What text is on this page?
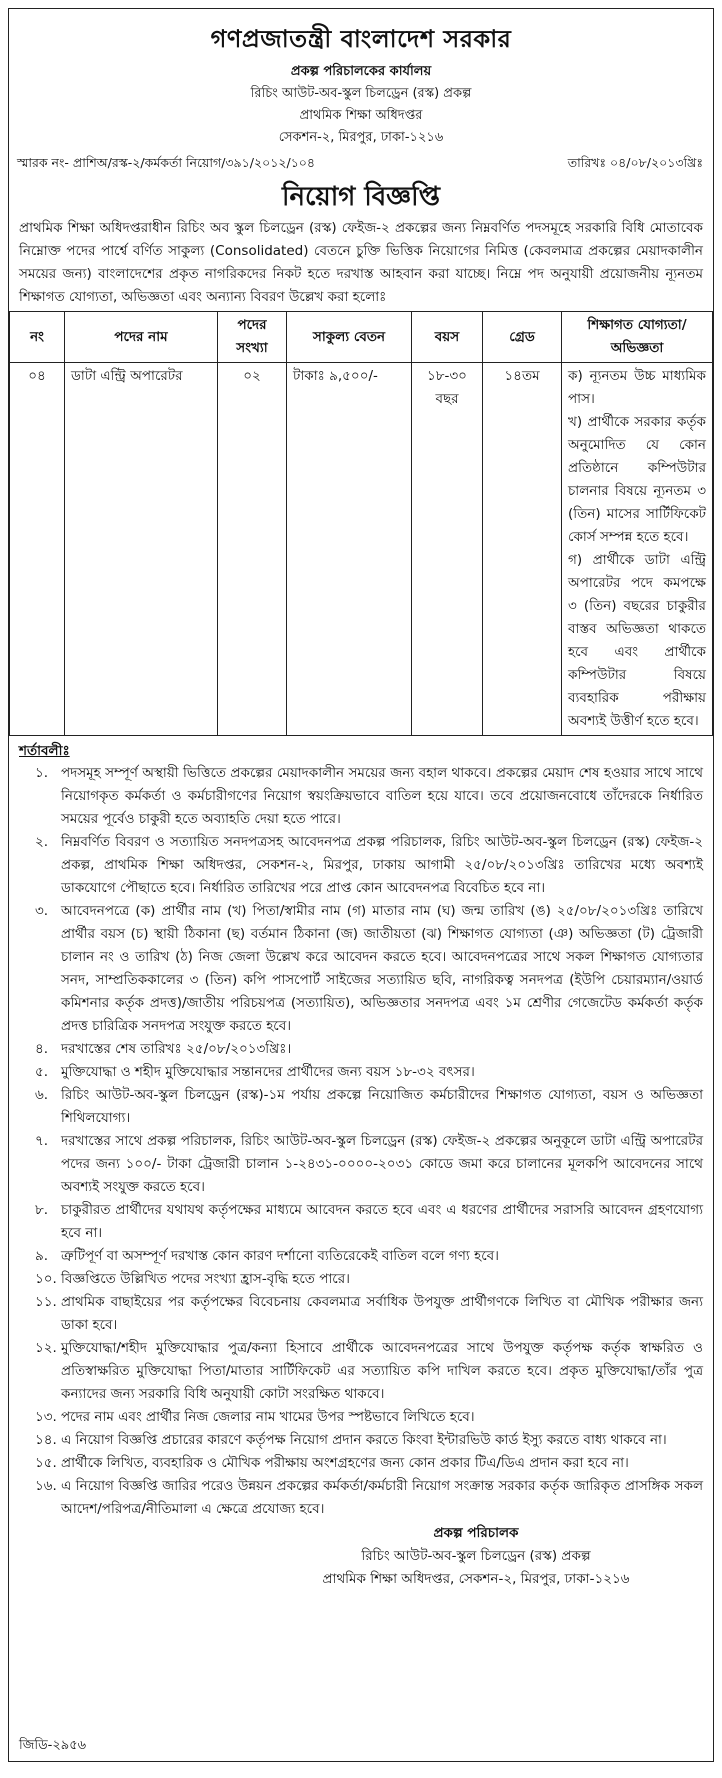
গণপ্রজাতন্ত্রী বাংলাদেশ সরকার
প্রকল্প পরিচালকের কার্যালয়
রিচিং আউট-অব-স্কুল চিলড্রেন (রস্ক) প্রকল্প
প্রাথমিক শিক্ষা অধিদপ্তর
সেকশন-২, মিরপুর, ঢাকা-১২১৬
স্মারক নং- প্রাশিঅ/রস্ক-২/কর্মকর্তা নিয়োগ/৩৯১/২০১২/১০৪	তারিখঃ ০৪/০৮/২০১৩খ্রিঃ
নিয়োগ বিজ্ঞপ্তি
প্রাথমিক শিক্ষা অধিদপ্তরাধীন রিচিং অব স্কুল চিলড্রেন (রস্ক) ফেইজ-২ প্রকল্পের জন্য নিম্নবর্ণিত পদসমূহে সরকারি বিধি মোতাবেক নিম্নোক্ত পদের পার্শ্বে বর্ণিত সাকুল্য (Consolidated) বেতনে চুক্তি ভিত্তিক নিয়োগের নিমিত্ত (কেবলমাত্র প্রকল্পের মেয়াদকালীন সময়ের জন্য) বাংলাদেশের প্রকৃত নাগরিকদের নিকট হতে দরখাস্ত আহবান করা যাচ্ছে। নিম্নে পদ অনুযায়ী প্রয়োজনীয় ন্যূনতম শিক্ষাগত যোগ্যতা, অভিজ্ঞতা এবং অন্যান্য বিবরণ উল্লেখ করা হলোঃ
নং	পদের নাম	পদের সংখ্যা	সাকুল্য বেতন	বয়স	গ্রেড	শিক্ষাগত যোগ্যতা/অভিজ্ঞতা
০৪	ডাটা এন্ট্রি অপারেটর	০২	টাকাঃ ৯,৫০০/-	১৮-৩০ বছর	১৪তম	ক) ন্যূনতম উচ্চ মাধ্যমিক পাস।

খ) প্রার্থীকে সরকার কর্তৃক অনুমোদিত যে কোন প্রতিষ্ঠানে কম্পিউটার চালনার বিষয়ে ন্যূনতম ৩ (তিন) মাসের সার্টিফিকেট কোর্স সম্পন্ন হতে হবে।

গ) প্রার্থীকে ডাটা এন্ট্রি অপারেটর পদে কমপক্ষে ৩ (তিন) বছরের চাকুরীর বাস্তব অভিজ্ঞতা থাকতে হবে এবং প্রার্থীকে কম্পিউটার বিষয়ে ব্যবহারিক পরীক্ষায় অবশ্যই উত্তীর্ণ হতে হবে।

শর্তাবলীঃ
১. পদসমূহ সম্পূর্ণ অস্থায়ী ভিত্তিতে প্রকল্পের মেয়াদকালীন সময়ের জন্য বহাল থাকবে। প্রকল্পের মেয়াদ শেষ হওয়ার সাথে সাথে নিয়োগকৃত কর্মকর্তা ও কর্মচারীগণের নিয়োগ স্বয়ংক্রিয়ভাবে বাতিল হয়ে যাবে। তবে প্রয়োজনবোধে তাঁদেরকে নির্ধারিত সময়ের পূর্বেও চাকুরী হতে অব্যাহতি দেয়া হতে পারে।
২. নিম্নবর্ণিত বিবরণ ও সত্যায়িত সনদপত্রসহ আবেদনপত্র প্রকল্প পরিচালক, রিচিং আউট-অব-স্কুল চিলড্রেন (রস্ক) ফেইজ-২ প্রকল্প, প্রাথমিক শিক্ষা অধিদপ্তর, সেকশন-২, মিরপুর, ঢাকায় আগামী ২৫/০৮/২০১৩খ্রিঃ তারিখের মধ্যে অবশ্যই ডাকযোগে পৌছাতে হবে। নির্ধারিত তারিখের পরে প্রাপ্ত কোন আবেদনপত্র বিবেচিত হবে না।
৩. আবেদনপত্রে (ক) প্রার্থীর নাম (খ) পিতা/স্বামীর নাম (গ) মাতার নাম (ঘ) জন্ম তারিখ (ঙ) ২৫/০৮/২০১৩খ্রিঃ তারিখে প্রার্থীর বয়স (চ) স্থায়ী ঠিকানা (ছ) বর্তমান ঠিকানা (জ) জাতীয়তা (ঝ) শিক্ষাগত যোগ্যতা (ঞ) অভিজ্ঞতা (ট) ট্রেজারী চালান নং ও তারিখ (ঠ) নিজ জেলা উল্লেখ করে আবেদন করতে হবে। আবেদনপত্রের সাথে সকল শিক্ষাগত যোগ্যতার সনদ, সাম্প্রতিককালের ৩ (তিন) কপি পাসপোর্ট সাইজের সত্যায়িত ছবি, নাগরিকত্ব সনদপত্র (ইউপি চেয়ারম্যান/ওয়ার্ড কমিশনার কর্তৃক প্রদত্ত)/জাতীয় পরিচয়পত্র (সত্যায়িত), অভিজ্ঞতার সনদপত্র এবং ১ম শ্রেণীর গেজেটেড কর্মকর্তা কর্তৃক প্রদত্ত চারিত্রিক সনদপত্র সংযুক্ত করতে হবে।
৪. দরখাস্তের শেষ তারিখঃ ২৫/০৮/২০১৩খ্রিঃ।
৫. মুক্তিযোদ্ধা ও শহীদ মুক্তিযোদ্ধার সন্তানদের প্রার্থীদের জন্য বয়স ১৮-৩২ বৎসর।
৬. রিচিং আউট-অব-স্কুল চিলড্রেন (রস্ক)-১ম পর্যায় প্রকল্পে নিয়োজিত কর্মচারীদের শিক্ষাগত যোগ্যতা, বয়স ও অভিজ্ঞতা শিথিলযোগ্য।
৭. দরখাস্তের সাথে প্রকল্প পরিচালক, রিচিং আউট-অব-স্কুল চিলড্রেন (রস্ক) ফেইজ-২ প্রকল্পের অনুকূলে ডাটা এন্ট্রি অপারেটর পদের জন্য ১০০/- টাকা ট্রেজারী চালান ১-২৪৩১-০০০০-২০৩১ কোডে জমা করে চালানের মূলকপি আবেদনের সাথে অবশ্যই সংযুক্ত করতে হবে।
৮. চাকুরীরত প্রার্থীদের যথাযথ কর্তৃপক্ষের মাধ্যমে আবেদন করতে হবে এবং এ ধরণের প্রার্থীদের সরাসরি আবেদন গ্রহণযোগ্য হবে না।
৯. ত্রুটিপূর্ণ বা অসম্পূর্ণ দরখাস্ত কোন কারণ দর্শানো ব্যতিরেকেই বাতিল বলে গণ্য হবে।
১০. বিজ্ঞপ্তিতে উল্লিখিত পদের সংখ্যা হ্রাস-বৃদ্ধি হতে পারে।
১১. প্রাথমিক বাছাইয়ের পর কর্তৃপক্ষের বিবেচনায় কেবলমাত্র সর্বাধিক উপযুক্ত প্রার্থীগণকে লিখিত বা মৌখিক পরীক্ষার জন্য ডাকা হবে।
১২. মুক্তিযোদ্ধা/শহীদ মুক্তিযোদ্ধার পুত্র/কন্যা হিসাবে প্রার্থীকে আবেদনপত্রের সাথে উপযুক্ত কর্তৃপক্ষ কর্তৃক স্বাক্ষরিত ও প্রতিস্বাক্ষরিত মুক্তিযোদ্ধা পিতা/মাতার সার্টিফিকেট এর সত্যায়িত কপি দাখিল করতে হবে। প্রকৃত মুক্তিযোদ্ধা/তাঁর পুত্র কন্যাদের জন্য সরকারি বিধি অনুযায়ী কোটা সংরক্ষিত থাকবে।
১৩. পদের নাম এবং প্রার্থীর নিজ জেলার নাম খামের উপর স্পষ্টভাবে লিখিতে হবে।
১৪. এ নিয়োগ বিজ্ঞপ্তি প্রচারের কারণে কর্তৃপক্ষ নিয়োগ প্রদান করতে কিংবা ইন্টারভিউ কার্ড ইস্যু করতে বাধ্য থাকবে না।
১৫. প্রার্থীকে লিখিত, ব্যবহারিক ও মৌখিক পরীক্ষায় অংশগ্রহণের জন্য কোন প্রকার টিএ/ডিএ প্রদান করা হবে না।
১৬. এ নিয়োগ বিজ্ঞপ্তি জারির পরেও উন্নয়ন প্রকল্পের কর্মকর্তা/কর্মচারী নিয়োগ সংক্রান্ত সরকার কর্তৃক জারিকৃত প্রাসঙ্গিক সকল আদেশ/পরিপত্র/নীতিমালা এ ক্ষেত্রে প্রযোজ্য হবে।
প্রকল্প পরিচালক
রিচিং আউট-অব-স্কুল চিলড্রেন (রস্ক) প্রকল্প
প্রাথমিক শিক্ষা অধিদপ্তর, সেকশন-২, মিরপুর, ঢাকা-১২১৬
জিডি-২৯৫৬
